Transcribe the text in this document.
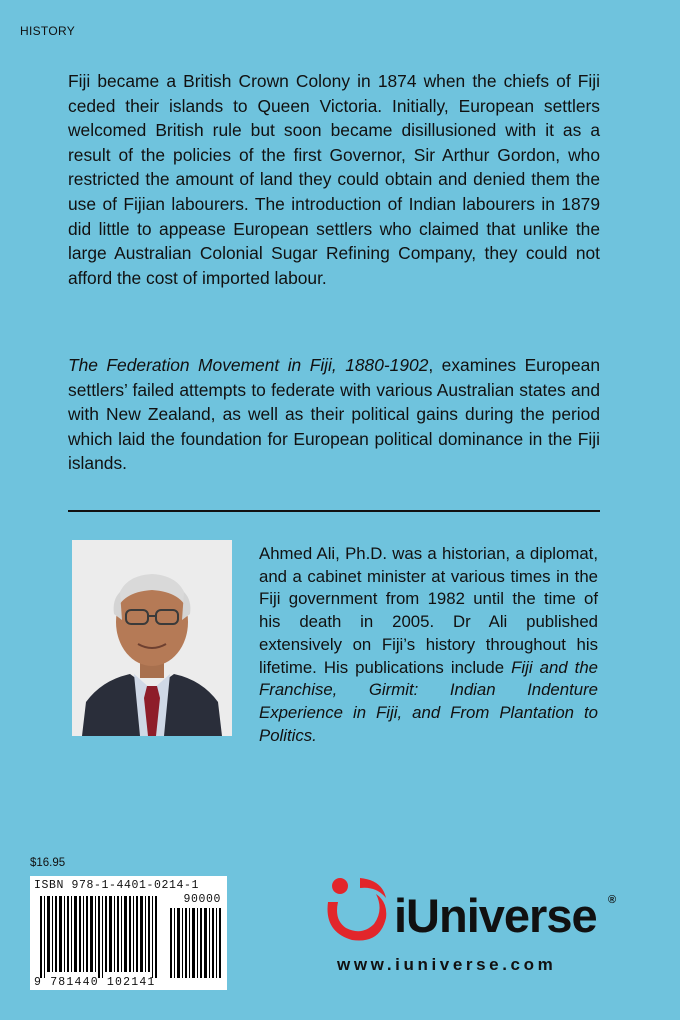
HISTORY

Fiji became a British Crown Colony in 1874 when the chiefs of Fiji ceded their islands to Queen Victoria. Initially, European settlers welcomed British rule but soon became disillusioned with it as a result of the policies of the first Governor, Sir Arthur Gordon, who restricted the amount of land they could obtain and denied them the use of Fijian labourers. The introduction of Indian labourers in 1879 did little to appease European settlers who claimed that unlike the large Australian Colonial Sugar Refining Company, they could not afford the cost of imported labour.

The Federation Movement in Fiji, 1880-1902, examines European settlers’ failed attempts to federate with various Australian states and with New Zealand, as well as their political gains during the period which laid the foundation for European political dominance in the Fiji islands.

Ahmed Ali, Ph.D. was a historian, a diplomat, and a cabinet minister at various times in the Fiji government from 1982 until the time of his death in 2005. Dr Ali published extensively on Fiji’s history throughout his lifetime. His publications include Fiji and the Franchise, Girmit: Indian Indenture Experience in Fiji, and From Plantation to Politics.

$16.95
ISBN 978-1-4401-0214-1
90000
9 781440 102141
iUniverse ®
www.iuniverse.com
